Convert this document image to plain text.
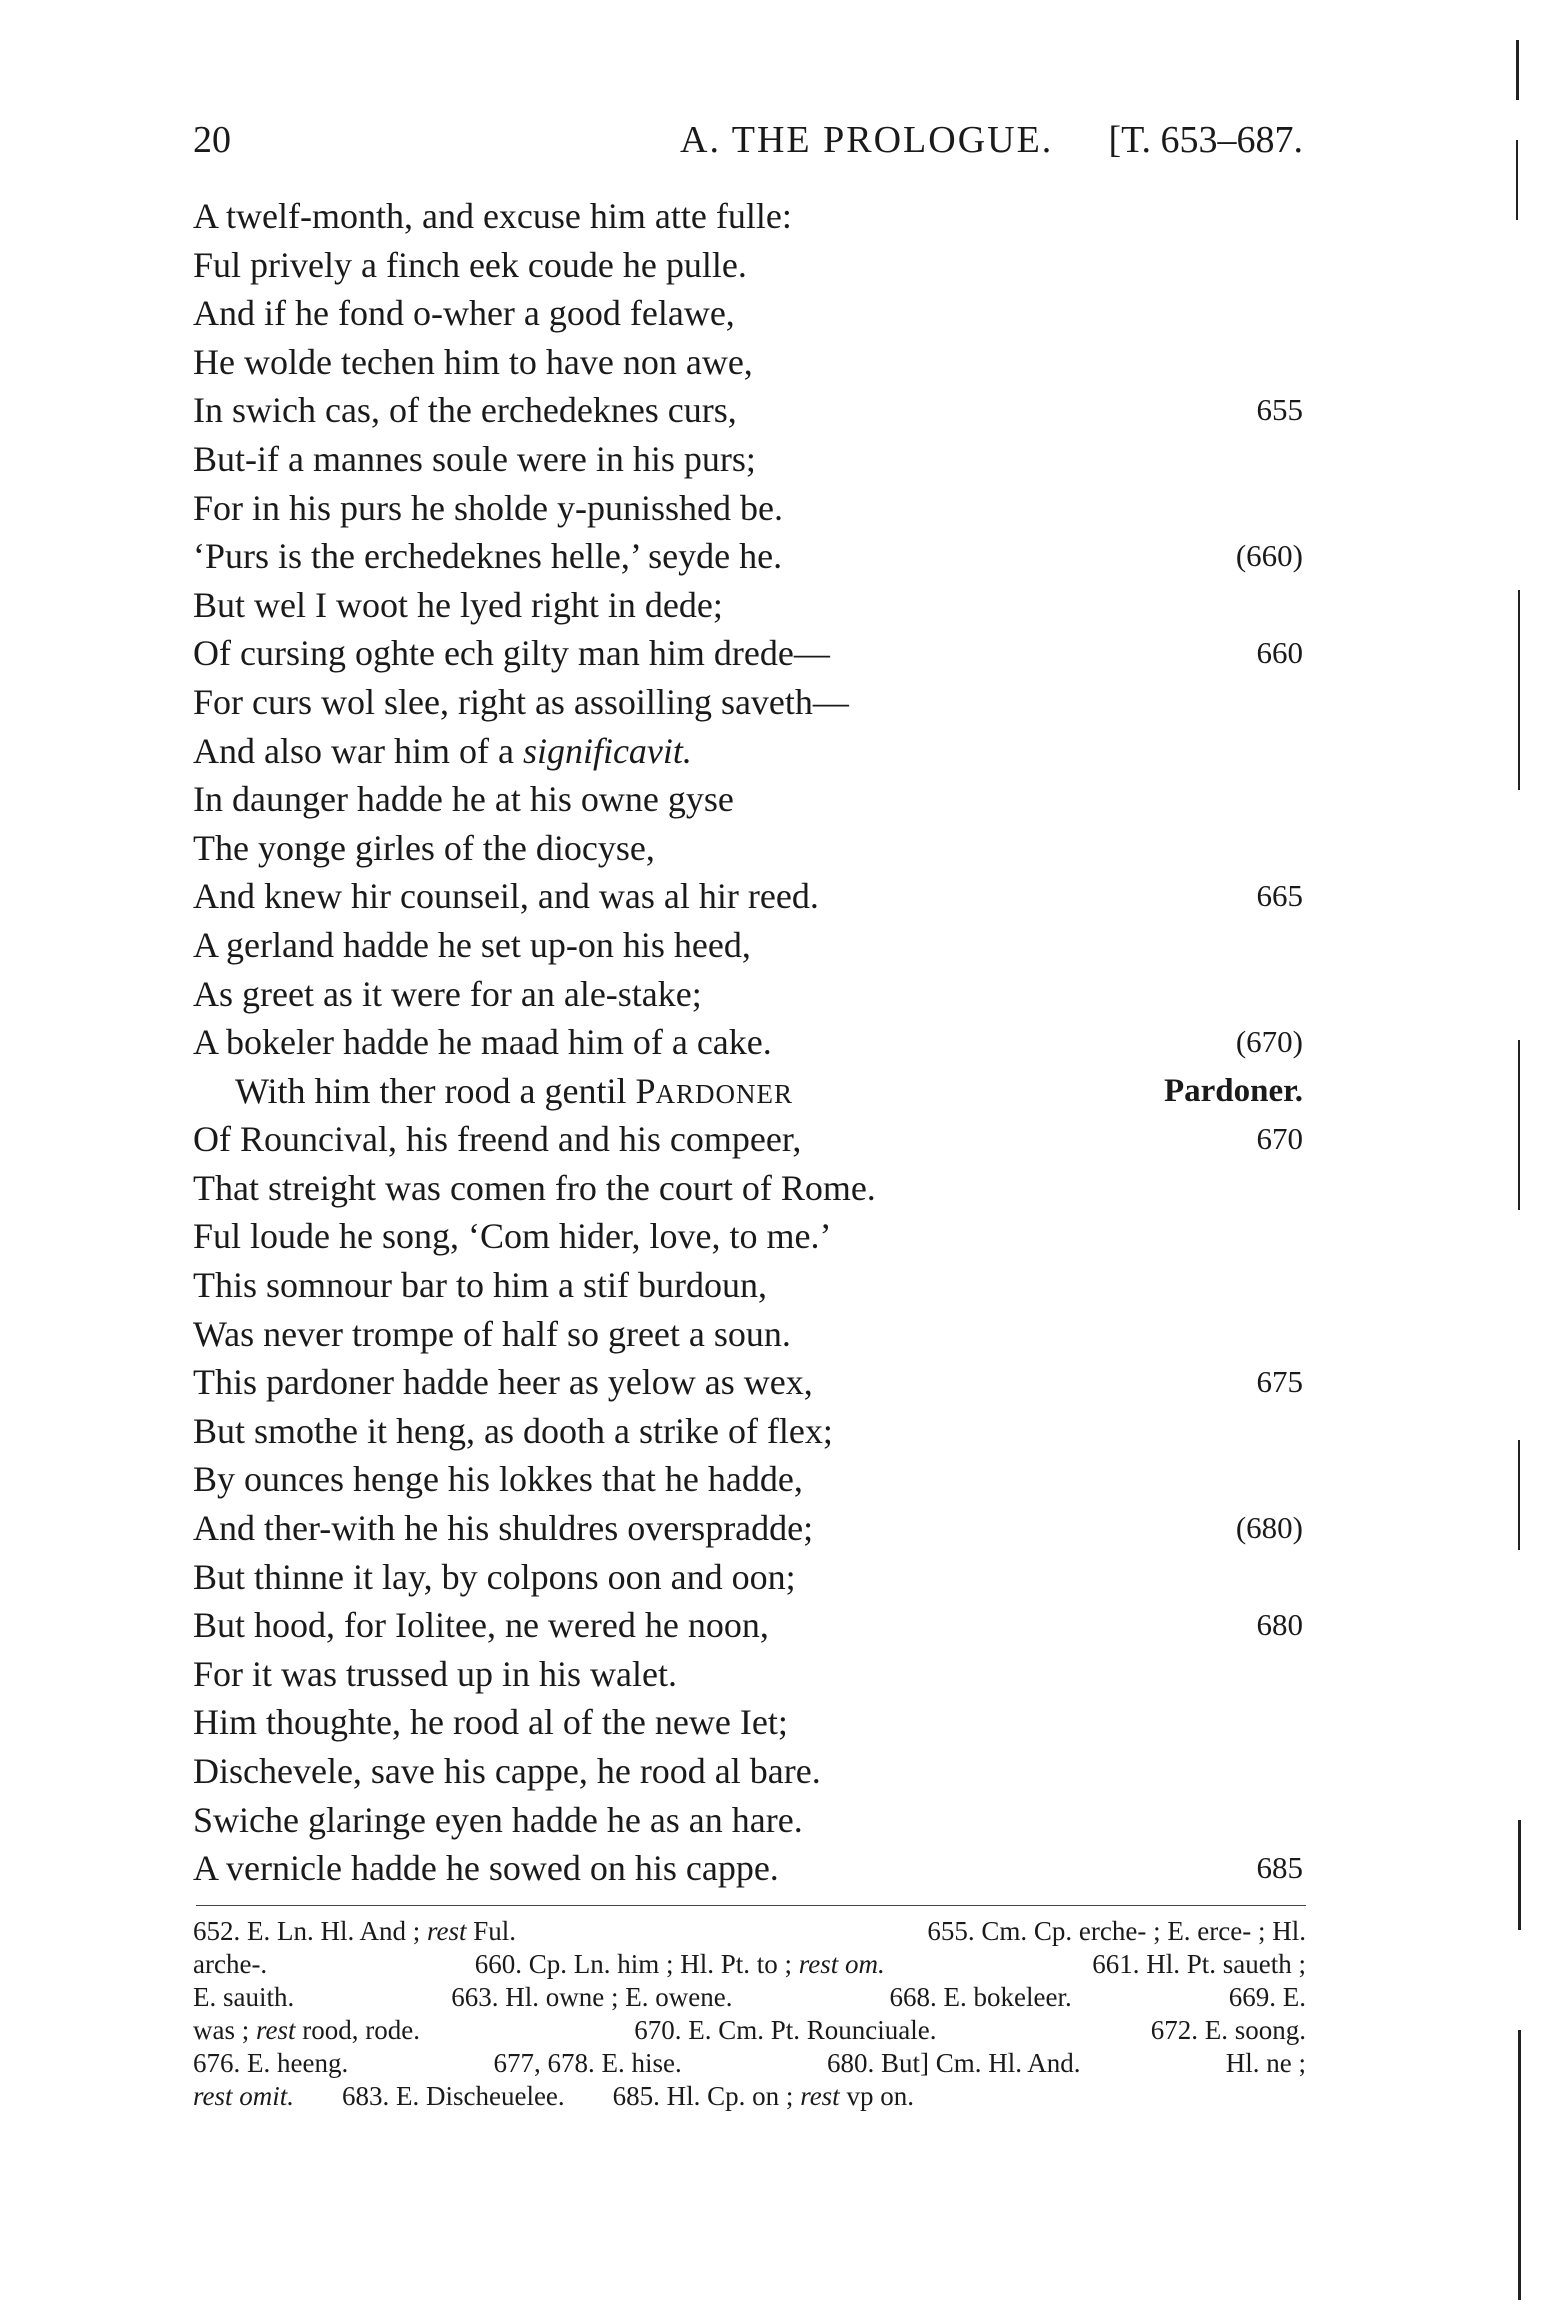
20	A. THE PROLOGUE. [T. 653–687.
A twelf-month, and excuse him atte fulle:
Ful prively a finch eek coude he pulle.
And if he fond o-wher a good felawe,
He wolde techen him to have non awe,
In swich cas, of the erchedeknes curs,	655
But-if a mannes soule were in his purs;
For in his purs he sholde y-punisshed be.
‘Purs is the erchedeknes helle,’ seyde he.	(660)
But wel I woot he lyed right in dede;
Of cursing oghte ech gilty man him drede—	660
For curs wol slee, right as assoilling saveth—
And also war him of a significavit.
In daunger hadde he at his owne gyse
The yonge girles of the diocyse,
And knew hir counseil, and was al hir reed.	665
A gerland hadde he set up-on his heed,
As greet as it were for an ale-stake;
A bokeler hadde he maad him of a cake.	(670)
With him ther rood a gentil PARDONER	Pardoner.
Of Rouncival, his freend and his compeer,	670
That streight was comen fro the court of Rome.
Ful loude he song, ‘Com hider, love, to me.’
This somnour bar to him a stif burdoun,
Was never trompe of half so greet a soun.
This pardoner hadde heer as yelow as wex,	675
But smothe it heng, as dooth a strike of flex;
By ounces henge his lokkes that he hadde,
And ther-with he his shuldres overspradde;	(680)
But thinne it lay, by colpons oon and oon;
But hood, for Iolitee, ne wered he noon,	680
For it was trussed up in his walet.
Him thoughte, he rood al of the newe Iet;
Dischevele, save his cappe, he rood al bare.
Swiche glaringe eyen hadde he as an hare.
A vernicle hadde he sowed on his cappe.	685
652. E. Ln. Hl. And ; rest Ful.	655. Cm. Cp. erche- ; E. erce- ; Hl.
arche-.	660. Cp. Ln. him ; Hl. Pt. to ; rest om.	661. Hl. Pt. saueth ;
E. sauith.	663. Hl. owne ; E. owene.	668. E. bokeleer.	669. E.
was ; rest rood, rode.	670. E. Cm. Pt. Rounciuale.	672. E. soong.
676. E. heeng.	677, 678. E. hise.	680. But] Cm. Hl. And.	Hl. ne ;
rest omit. 683. E. Discheuelee. 685. Hl. Cp. on ; rest vp on.
